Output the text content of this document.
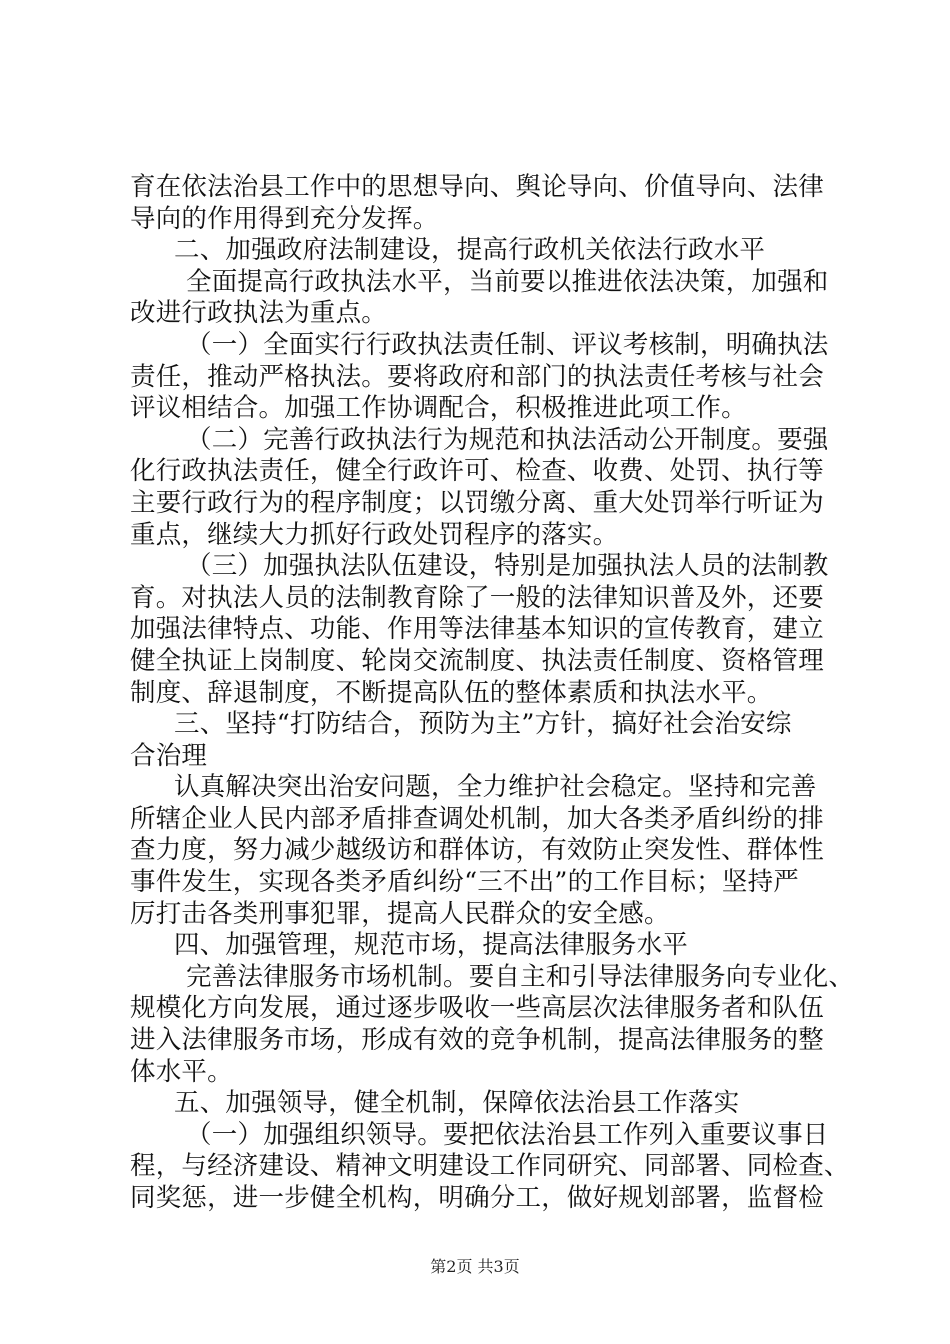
育在依法治县工作中的思想导向、舆论导向、价值导向、法律
导向的作用得到充分发挥。
二、加强政府法制建设，提高行政机关依法行政水平
全面提高行政执法水平，当前要以推进依法决策，加强和
改进行政执法为重点。
（一）全面实行行政执法责任制、评议考核制，明确执法
责任，推动严格执法。要将政府和部门的执法责任考核与社会
评议相结合。加强工作协调配合，积极推进此项工作。
（二）完善行政执法行为规范和执法活动公开制度。要强
化行政执法责任，健全行政许可、检查、收费、处罚、执行等
主要行政行为的程序制度；以罚缴分离、重大处罚举行听证为
重点，继续大力抓好行政处罚程序的落实。
（三）加强执法队伍建设，特别是加强执法人员的法制教
育。对执法人员的法制教育除了一般的法律知识普及外，还要
加强法律特点、功能、作用等法律基本知识的宣传教育，建立
健全执证上岗制度、轮岗交流制度、执法责任制度、资格管理
制度、辞退制度，不断提高队伍的整体素质和执法水平。
三、坚持“打防结合，预防为主”方针，搞好社会治安综
合治理
认真解决突出治安问题，全力维护社会稳定。坚持和完善
所辖企业人民内部矛盾排查调处机制，加大各类矛盾纠纷的排
查力度，努力减少越级访和群体访，有效防止突发性、群体性
事件发生，实现各类矛盾纠纷“三不出”的工作目标；坚持严
厉打击各类刑事犯罪，提高人民群众的安全感。
四、加强管理，规范市场，提高法律服务水平
完善法律服务市场机制。要自主和引导法律服务向专业化、
规模化方向发展，通过逐步吸收一些高层次法律服务者和队伍
进入法律服务市场，形成有效的竞争机制，提高法律服务的整
体水平。
五、加强领导，健全机制，保障依法治县工作落实
（一）加强组织领导。要把依法治县工作列入重要议事日
程，与经济建设、精神文明建设工作同研究、同部署、同检查、
同奖惩，进一步健全机构，明确分工，做好规划部署，监督检
第2页 共3页
